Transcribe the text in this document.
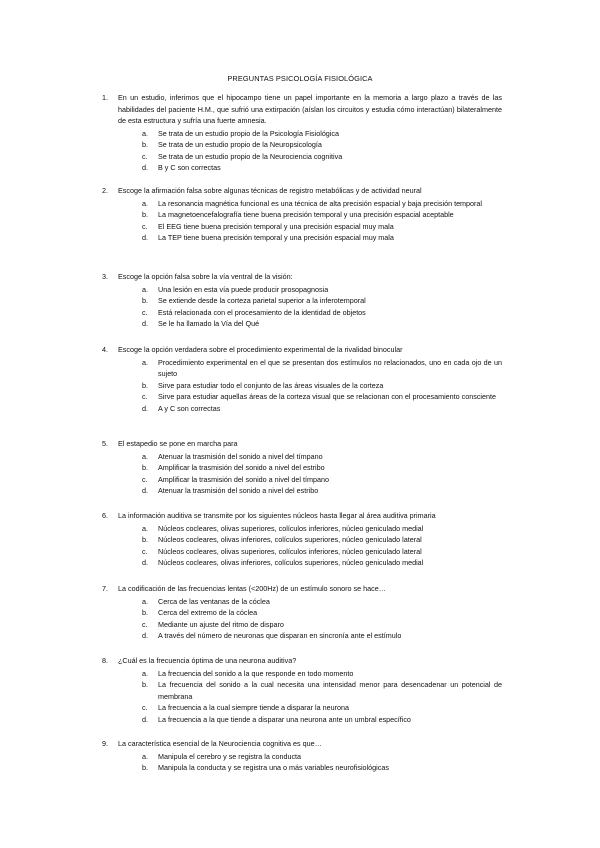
PREGUNTAS PSICOLOGÍA FISIOLÓGICA
1. En un estudio, inferimos que el hipocampo tiene un papel importante en la memoria a largo plazo a través de las habilidades del paciente H.M., que sufrió una extirpación (aíslan los circuitos y estudia cómo interactúan) bilateralmente de esta estructura y sufría una fuerte amnesia.
a. Se trata de un estudio propio de la Psicología Fisiológica
b. Se trata de un estudio propio de la Neuropsicología
c. Se trata de un estudio propio de la Neurociencia cognitiva
d. B y C son correctas
2. Escoge la afirmación falsa sobre algunas técnicas de registro metabólicas y de actividad neural
a. La resonancia magnética funcional es una técnica de alta precisión espacial y baja precisión temporal
b. La magnetoencefalografía tiene buena precisión temporal y una precisión espacial aceptable
c. El EEG tiene buena precisión temporal y una precisión espacial muy mala
d. La TEP tiene buena precisión temporal y una precisión espacial muy mala
3. Escoge la opción falsa sobre la vía ventral de la visión:
a. Una lesión en esta vía puede producir prosopagnosia
b. Se extiende desde la corteza parietal superior a la inferotemporal
c. Está relacionada con el procesamiento de la identidad de objetos
d. Se le ha llamado la Vía del Qué
4. Escoge la opción verdadera sobre el procedimiento experimental de la rivalidad binocular
a. Procedimiento experimental en el que se presentan dos estímulos no relacionados, uno en cada ojo de un sujeto
b. Sirve para estudiar todo el conjunto de las áreas visuales de la corteza
c. Sirve para estudiar aquellas áreas de la corteza visual que se relacionan con el procesamiento consciente
d. A y C son correctas
5. El estapedio se pone en marcha para
a. Atenuar la trasmisión del sonido a nivel del tímpano
b. Amplificar la trasmisión del sonido a nivel del estribo
c. Amplificar la trasmisión del sonido a nivel del tímpano
d. Atenuar la trasmisión del sonido a nivel del estribo
6. La información auditiva se transmite por los siguientes núcleos hasta llegar al área auditiva primaria
a. Núcleos cocleares, olivas superiores, colículos inferiores, núcleo geniculado medial
b. Núcleos cocleares, olivas inferiores, colículos superiores, núcleo geniculado lateral
c. Núcleos cocleares, olivas superiores, colículos inferiores, núcleo geniculado lateral
d. Núcleos cocleares, olivas inferiores, colículos superiores, núcleo geniculado medial
7. La codificación de las frecuencias lentas (<200Hz) de un estímulo sonoro se hace…
a. Cerca de las ventanas de la cóclea
b. Cerca del extremo de la cóclea
c. Mediante un ajuste del ritmo de disparo
d. A través del número de neuronas que disparan en sincronía ante el estímulo
8. ¿Cuál es la frecuencia óptima de una neurona auditiva?
a. La frecuencia del sonido a la que responde en todo momento
b. La frecuencia del sonido a la cual necesita una intensidad menor para desencadenar un potencial de membrana
c. La frecuencia a la cual siempre tiende a disparar la neurona
d. La frecuencia a la que tiende a disparar una neurona ante un umbral específico
9. La característica esencial de la Neurociencia cognitiva es que…
a. Manipula el cerebro y se registra la conducta
b. Manipula la conducta y se registra una o más variables neurofisiológicas
